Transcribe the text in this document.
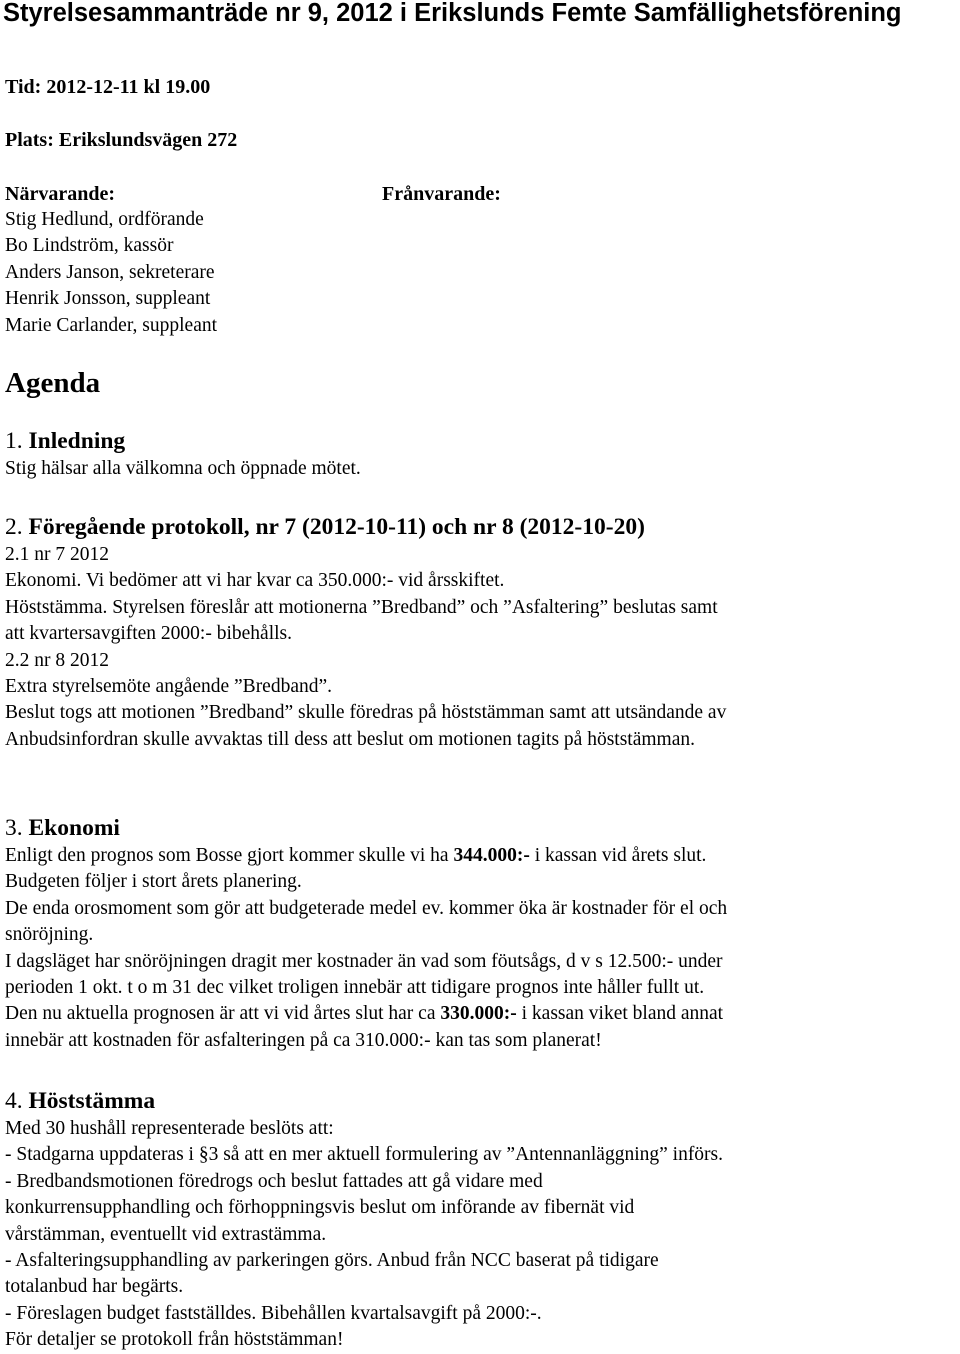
Styrelsesammanträde nr 9, 2012 i Erikslunds Femte Samfällighetsförening
Tid: 2012-12-11 kl 19.00
Plats: Erikslundsvägen 272
Närvarande:	Frånvarande:
Stig Hedlund, ordförande
Bo Lindström, kassör
Anders Janson, sekreterare
Henrik Jonsson, suppleant
Marie Carlander, suppleant
Agenda
1. Inledning
Stig hälsar alla välkomna och öppnade mötet.
2. Föregående protokoll, nr 7 (2012-10-11) och nr 8 (2012-10-20)
2.1 nr 7 2012
Ekonomi. Vi bedömer att vi har kvar ca 350.000:- vid årsskiftet.
Höststämma. Styrelsen föreslår att motionerna ”Bredband” och ”Asfaltering” beslutas samt
att kvartersavgiften 2000:- bibehålls.
2.2 nr 8 2012
Extra styrelsemöte angående ”Bredband”.
Beslut togs att motionen ”Bredband” skulle föredras på höststämman samt att utsändande av
Anbudsinfordran skulle avvaktas till dess att beslut om motionen tagits på höststämman.
3. Ekonomi
Enligt den prognos som Bosse gjort kommer skulle vi ha 344.000:- i kassan vid årets slut.
Budgeten följer i stort årets planering.
De enda orosmoment som gör att budgeterade medel ev. kommer öka är kostnader för el och
snöröjning.
I dagsläget har snöröjningen dragit mer kostnader än vad som föutsågs, d v s 12.500:- under
perioden 1 okt. t o m 31 dec vilket troligen innebär att tidigare prognos inte håller fullt ut.
Den nu aktuella prognosen är att vi vid årtes slut har ca 330.000:- i kassan viket bland annat
innebär att kostnaden för asfalteringen på ca 310.000:- kan tas som planerat!
4. Höststämma
Med 30 hushåll representerade beslöts att:
- Stadgarna uppdateras i §3 så att en mer aktuell formulering av ”Antennanläggning” införs.
- Bredbandsmotionen föredrogs och beslut fattades att gå vidare med
konkurrensupphandling och förhoppningsvis beslut om införande av fibernät vid
vårstämman, eventuellt vid extrastämma.
- Asfalteringsupphandling av parkeringen görs. Anbud från NCC baserat på tidigare
totalanbud har begärts.
- Föreslagen budget fastställdes. Bibehållen kvartalsavgift på 2000:-.
För detaljer se protokoll från höststämman!
